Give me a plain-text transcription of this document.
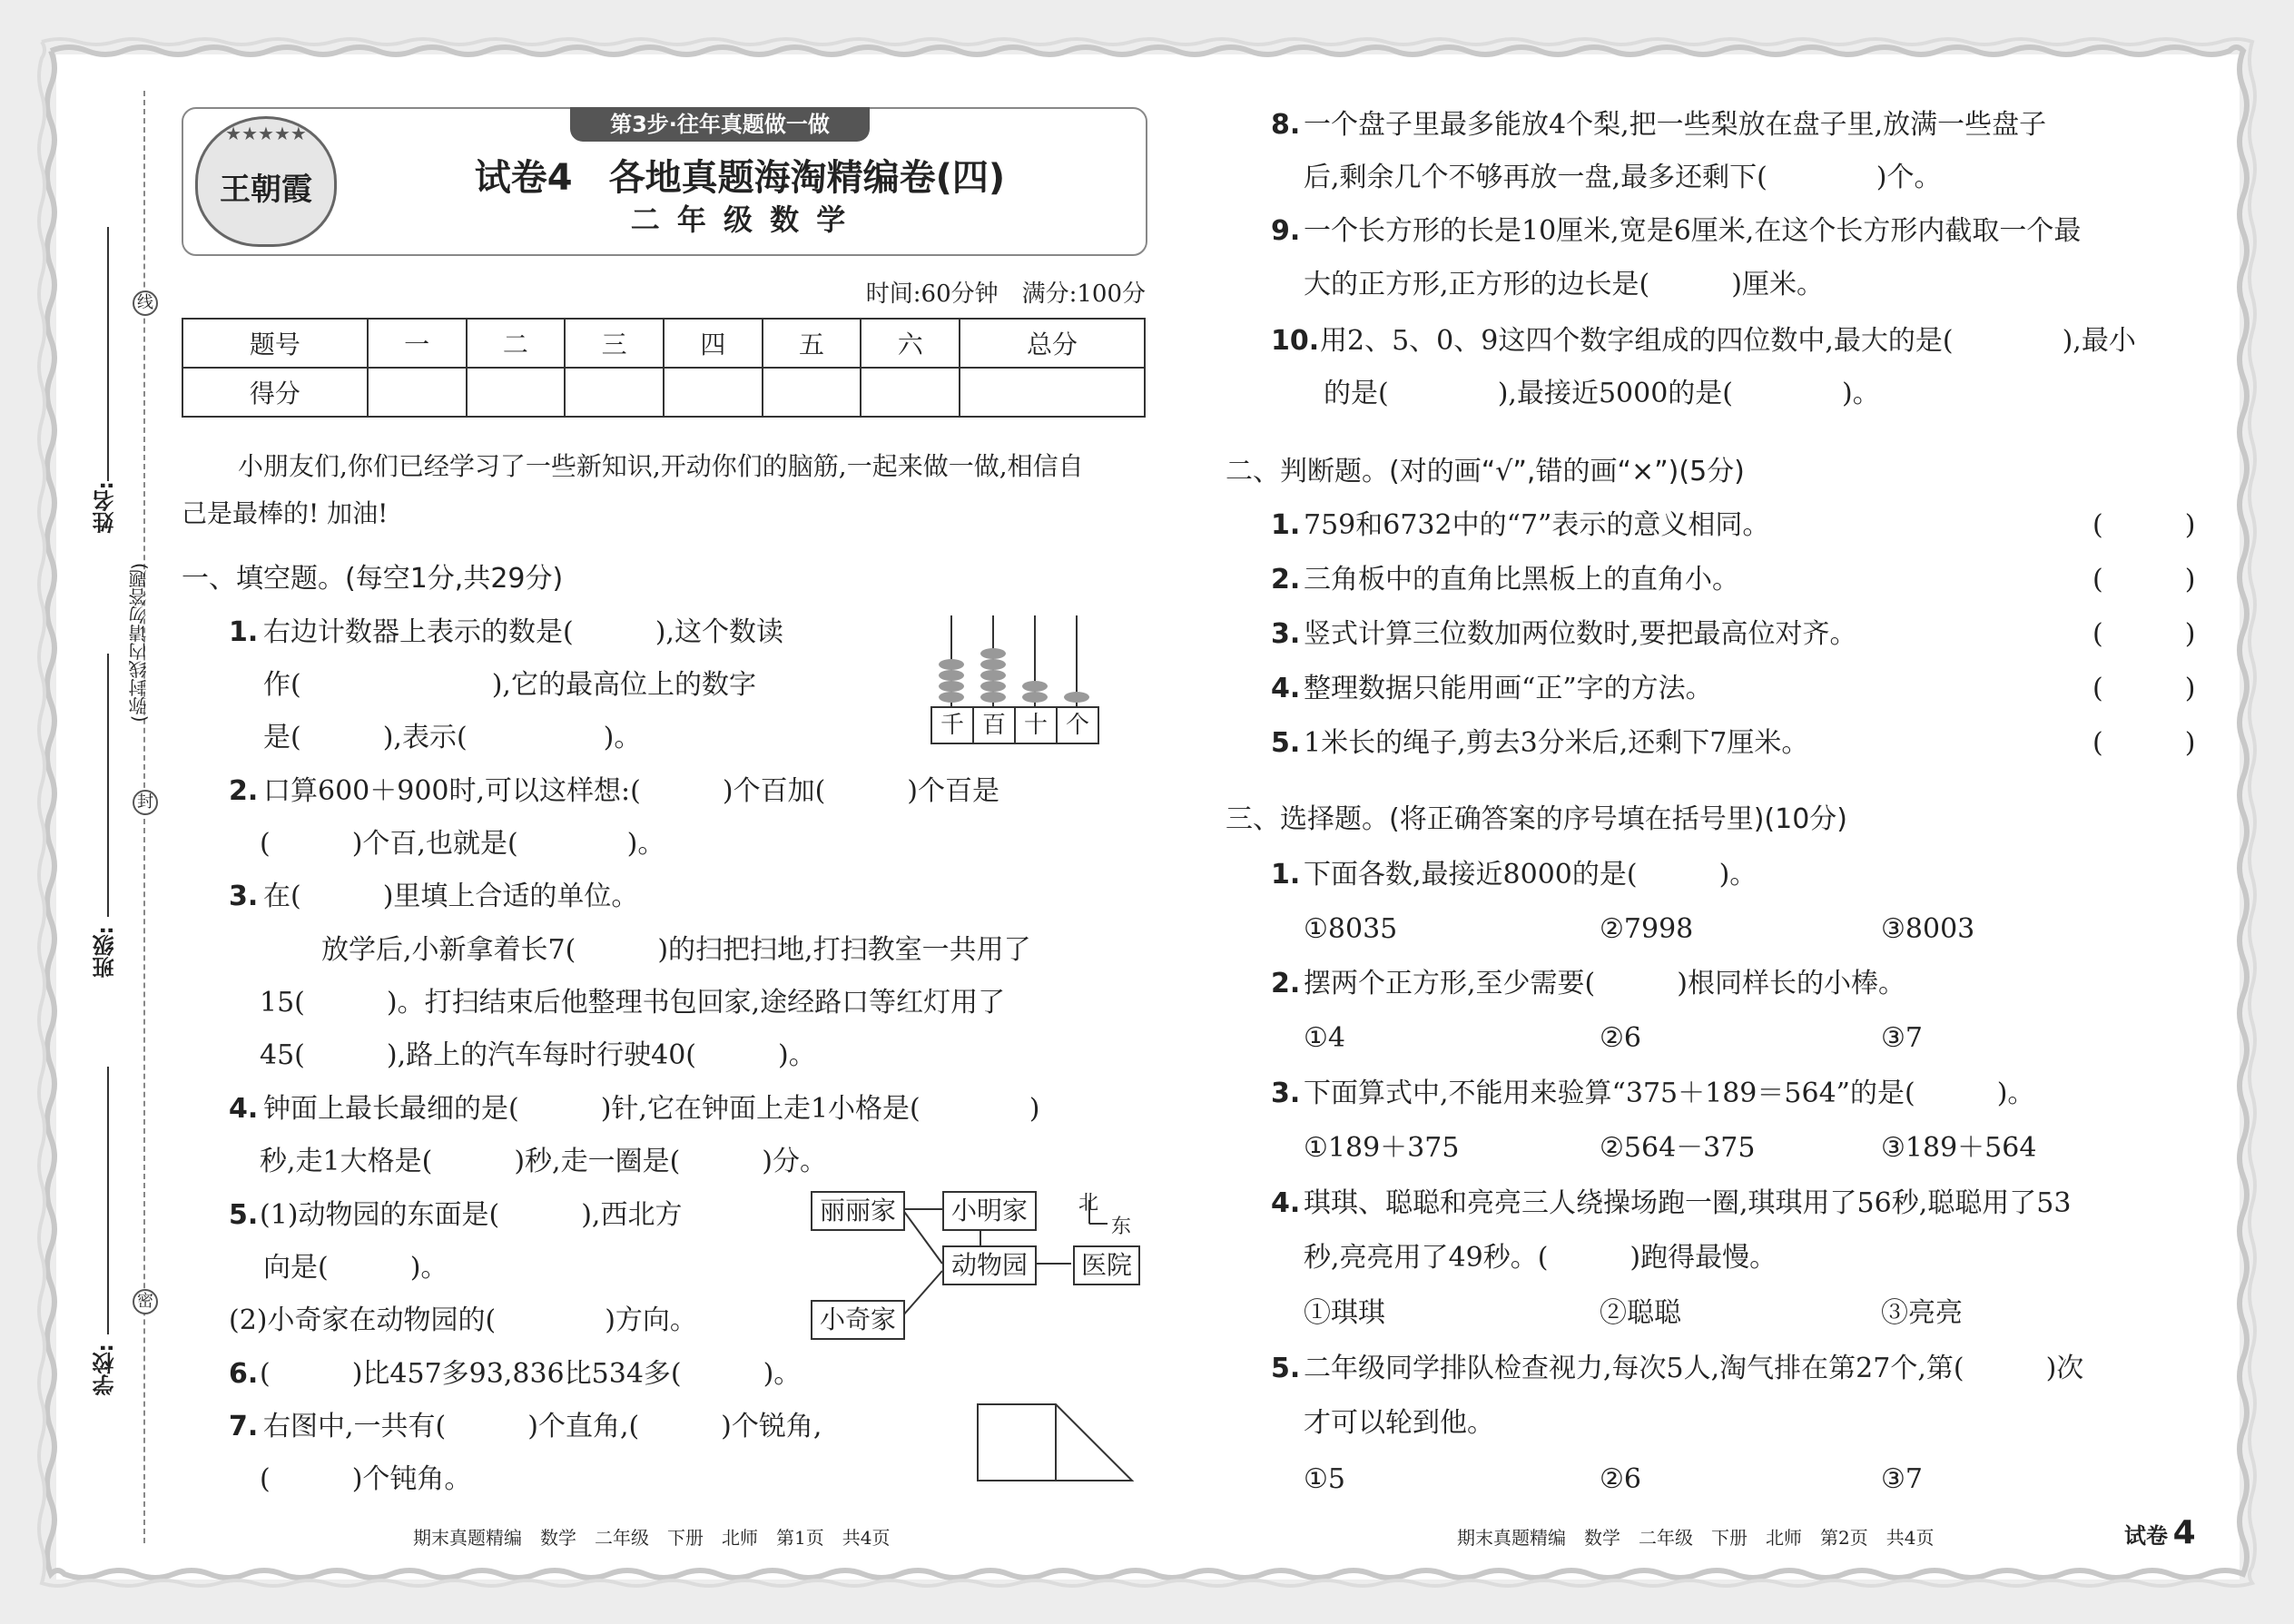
线
封
密
(弥封线内请勿答题)
姓名:
班级:
学校:
★★★★★
王朝霞
第3步·往年真题做一做
试卷4　各地真题海淘精编卷(四)
二 年 级 数 学
时间:60分钟　满分:100分
题号	一	二	三	四	五	六	总分
得分							
小朋友们,你们已经学习了一些新知识,开动你们的脑筋,一起来做一做,相信自
己是最棒的! 加油!
一、填空题。(每空1分,共29分)
1. 右边计数器上表示的数是(　　　),这个数读
作(　　　　　　　),它的最高位上的数字
是(　　　),表示(　　　　　)。	千 百 十 个
2. 口算600＋900时,可以这样想:(　　　)个百加(　　　)个百是
(　　　)个百,也就是(　　　　)。
3. 在(　　　)里填上合适的单位。
放学后,小新拿着长7(　　　)的扫把扫地,打扫教室一共用了
15(　　　)。打扫结束后他整理书包回家,途经路口等红灯用了
45(　　　),路上的汽车每时行驶40(　　　)。
4. 钟面上最长最细的是(　　　)针,它在钟面上走1小格是(　　　　)
秒,走1大格是(　　　)秒,走一圈是(　　　)分。
5. (1)动物园的东面是(　　　),西北方
向是(　　　)。
(2)小奇家在动物园的(　　　　)方向。
丽丽家	小明家
动物园	医院
小奇家
北
东
6. (　　　)比457多93,836比534多(　　　)。
7. 右图中,一共有(　　　)个直角,(　　　)个锐角,
(　　　)个钝角。
期末真题精编　数学　二年级　下册　北师　第1页　共4页
8. 一个盘子里最多能放4个梨,把一些梨放在盘子里,放满一些盘子
后,剩余几个不够再放一盘,最多还剩下(　　　　)个。
9. 一个长方形的长是10厘米,宽是6厘米,在这个长方形内截取一个最
大的正方形,正方形的边长是(　　　)厘米。
10. 用2、5、0、9这四个数字组成的四位数中,最大的是(　　　　),最小
的是(　　　　),最接近5000的是(　　　　)。
二、判断题。(对的画“√”,错的画“×”)(5分)
1. 759和6732中的“7”表示的意义相同。	(　　　)
2. 三角板中的直角比黑板上的直角小。	(　　　)
3. 竖式计算三位数加两位数时,要把最高位对齐。	(　　　)
4. 整理数据只能用画“正”字的方法。	(　　　)
5. 1米长的绳子,剪去3分米后,还剩下7厘米。	(　　　)
三、选择题。(将正确答案的序号填在括号里)(10分)
1. 下面各数,最接近8000的是(　　　)。
①8035	②7998	③8003
2. 摆两个正方形,至少需要(　　　)根同样长的小棒。
①4	②6	③7
3. 下面算式中,不能用来验算“375＋189＝564”的是(　　　)。
①189＋375	②564－375	③189＋564
4. 琪琪、聪聪和亮亮三人绕操场跑一圈,琪琪用了56秒,聪聪用了53
秒,亮亮用了49秒。(　　　)跑得最慢。
①琪琪	②聪聪	③亮亮
5. 二年级同学排队检查视力,每次5人,淘气排在第27个,第(　　　)次
才可以轮到他。
①5	②6	③7
期末真题精编　数学　二年级　下册　北师　第2页　共4页	试卷 4
